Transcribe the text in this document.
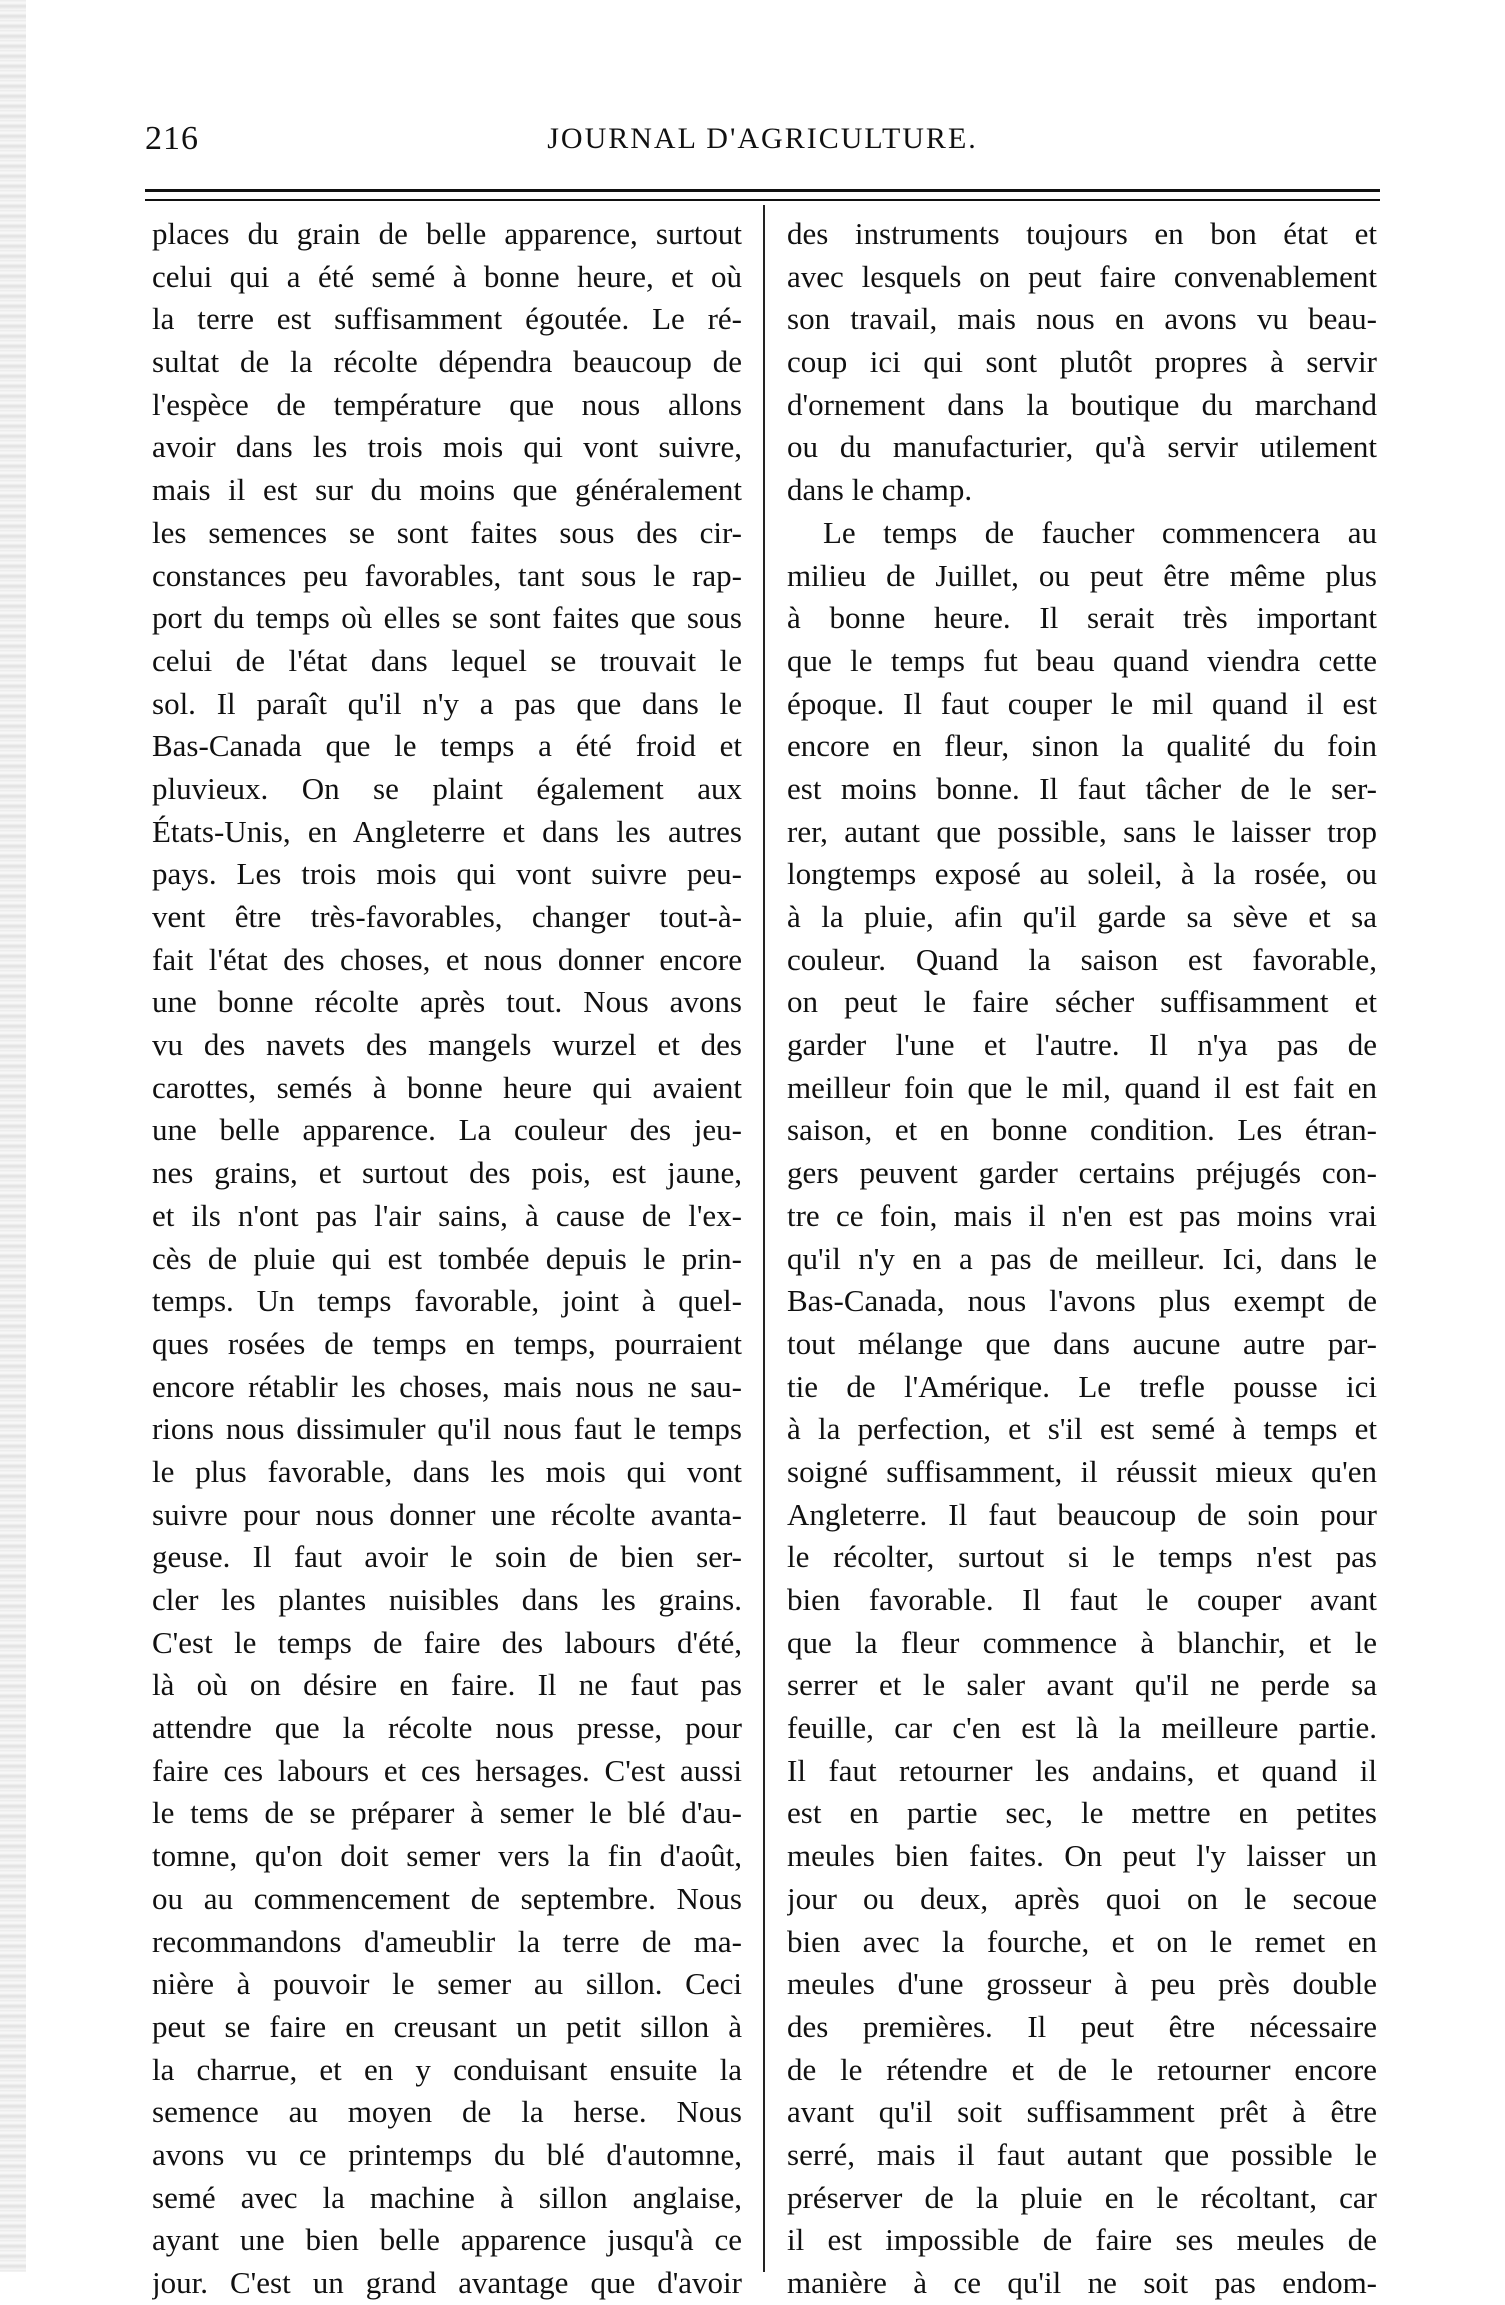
216	JOURNAL D'AGRICULTURE.
places du grain de belle apparence, surtout
celui qui a été semé à bonne heure, et où
la terre est suffisamment égoutée. Le ré-
sultat de la récolte dépendra beaucoup de
l'espèce de température que nous allons
avoir dans les trois mois qui vont suivre,
mais il est sur du moins que généralement
les semences se sont faites sous des cir-
constances peu favorables, tant sous le rap-
port du temps où elles se sont faites que sous
celui de l'état dans lequel se trouvait le
sol. Il paraît qu'il n'y a pas que dans le
Bas-Canada que le temps a été froid et
pluvieux. On se plaint également aux
États-Unis, en Angleterre et dans les autres
pays. Les trois mois qui vont suivre peu-
vent être très-favorables, changer tout-à-
fait l'état des choses, et nous donner encore
une bonne récolte après tout. Nous avons
vu des navets des mangels wurzel et des
carottes, semés à bonne heure qui avaient
une belle apparence. La couleur des jeu-
nes grains, et surtout des pois, est jaune,
et ils n'ont pas l'air sains, à cause de l'ex-
cès de pluie qui est tombée depuis le prin-
temps. Un temps favorable, joint à quel-
ques rosées de temps en temps, pourraient
encore rétablir les choses, mais nous ne sau-
rions nous dissimuler qu'il nous faut le temps
le plus favorable, dans les mois qui vont
suivre pour nous donner une récolte avanta-
geuse. Il faut avoir le soin de bien ser-
cler les plantes nuisibles dans les grains.
C'est le temps de faire des labours d'été,
là où on désire en faire. Il ne faut pas
attendre que la récolte nous presse, pour
faire ces labours et ces hersages. C'est aussi
le tems de se préparer à semer le blé d'au-
tomne, qu'on doit semer vers la fin d'août,
ou au commencement de septembre. Nous
recommandons d'ameublir la terre de ma-
nière à pouvoir le semer au sillon. Ceci
peut se faire en creusant un petit sillon à
la charrue, et en y conduisant ensuite la
semence au moyen de la herse. Nous
avons vu ce printemps du blé d'automne,
semé avec la machine à sillon anglaise,
ayant une bien belle apparence jusqu'à ce
jour. C'est un grand avantage que d'avoir
des instruments toujours en bon état et
avec lesquels on peut faire convenablement
son travail, mais nous en avons vu beau-
coup ici qui sont plutôt propres à servir
d'ornement dans la boutique du marchand
ou du manufacturier, qu'à servir utilement
dans le champ.
Le temps de faucher commencera au
milieu de Juillet, ou peut être même plus
à bonne heure. Il serait très important
que le temps fut beau quand viendra cette
époque. Il faut couper le mil quand il est
encore en fleur, sinon la qualité du foin
est moins bonne. Il faut tâcher de le ser-
rer, autant que possible, sans le laisser trop
longtemps exposé au soleil, à la rosée, ou
à la pluie, afin qu'il garde sa sève et sa
couleur. Quand la saison est favorable,
on peut le faire sécher suffisamment et
garder l'une et l'autre. Il n'ya pas de
meilleur foin que le mil, quand il est fait en
saison, et en bonne condition. Les étran-
gers peuvent garder certains préjugés con-
tre ce foin, mais il n'en est pas moins vrai
qu'il n'y en a pas de meilleur. Ici, dans le
Bas-Canada, nous l'avons plus exempt de
tout mélange que dans aucune autre par-
tie de l'Amérique. Le trefle pousse ici
à la perfection, et s'il est semé à temps et
soigné suffisamment, il réussit mieux qu'en
Angleterre. Il faut beaucoup de soin pour
le récolter, surtout si le temps n'est pas
bien favorable. Il faut le couper avant
que la fleur commence à blanchir, et le
serrer et le saler avant qu'il ne perde sa
feuille, car c'en est là la meilleure partie.
Il faut retourner les andains, et quand il
est en partie sec, le mettre en petites
meules bien faites. On peut l'y laisser un
jour ou deux, après quoi on le secoue
bien avec la fourche, et on le remet en
meules d'une grosseur à peu près double
des premières. Il peut être nécessaire
de le rétendre et de le retourner encore
avant qu'il soit suffisamment prêt à être
serré, mais il faut autant que possible le
préserver de la pluie en le récoltant, car
il est impossible de faire ses meules de
manière à ce qu'il ne soit pas endom-
